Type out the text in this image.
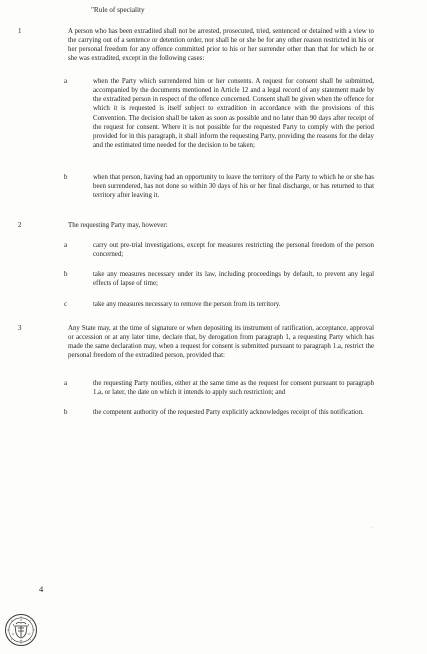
"Rule of speciality
1	A person who has been extradited shall not be arrested, prosecuted, tried, sentenced or detained with a view to the carrying out of a sentence or detention order, nor shall he or she be for any other reason restricted in his or her personal freedom for any offence committed prior to his or her surrender other than that for which he or she was extradited, except in the following cases:
a	when the Party which surrendered him or her consents. A request for consent shall be submitted, accompanied by the documents mentioned in Article 12 and a legal record of any statement made by the extradited person in respect of the offence concerned. Consent shall be given when the offence for which it is requested is itself subject to extradition in accordance with the provisions of this Convention. The decision shall be taken as soon as possible and no later than 90 days after receipt of the request for consent. Where it is not possible for the requested Party to comply with the period provided for in this paragraph, it shall inform the requesting Party, providing the reasons for the delay and the estimated time needed for the decision to be taken;
b	when that person, having had an opportunity to leave the territory of the Party to which he or she has been surrendered, has not done so within 30 days of his or her final discharge, or has returned to that territory after leaving it.
2	The requesting Party may, however:
a	carry out pre-trial investigations, except for measures restricting the personal freedom of the person concerned;
b	take any measures necessary under its law, including proceedings by default, to prevent any legal effects of lapse of time;
c	take any measures necessary to remove the person from its territory.
3	Any State may, at the time of signature or when depositing its instrument of ratification, acceptance, approval or accession or at any later time, declare that, by derogation from paragraph 1, a requesting Party which has made the same declaration may, when a request for consent is submitted pursuant to paragraph 1.a, restrict the personal freedom of the extradited person, provided that:
a	the requesting Party notifies, either at the same time as the request for consent pursuant to paragraph 1.a, or later, the date on which it intends to apply such restriction; and
b	the competent authority of the requested Party explicitly acknowledges receipt of this notification.
·
4
